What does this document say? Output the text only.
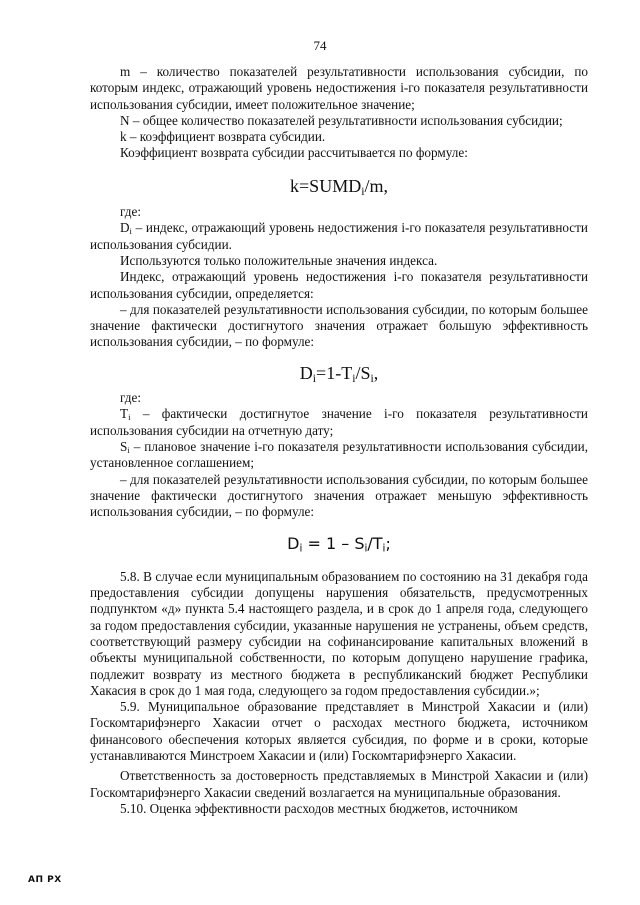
74

m – количество показателей результативности использования субсидии, по которым индекс, отражающий уровень недостижения i-го показателя результативности использования субсидии, имеет положительное значение;

N – общее количество показателей результативности использования субсидии;

k – коэффициент возврата субсидии.

Коэффициент возврата субсидии рассчитывается по формуле:

$k=SUMD_i/m$,

где:

$D_i$ – индекс, отражающий уровень недостижения i-го показателя результативности использования субсидии.

Используются только положительные значения индекса.

Индекс, отражающий уровень недостижения i-го показателя результативности использования субсидии, определяется:

– для показателей результативности использования субсидии, по которым большее значение фактически достигнутого значения отражает большую эффективность использования субсидии, – по формуле:

$D_i=1-T_i/S_i$,

где:

$T_i$ – фактически достигнутое значение i-го показателя результативности использования субсидии на отчетную дату;

$S_i$ – плановое значение i-го показателя результативности использования субсидии, установленное соглашением;

– для показателей результативности использования субсидии, по которым большее значение фактически достигнутого значения отражает меньшую эффективность использования субсидии, – по формуле:

$D_i = 1 - S_i/T_i$;

5.8. В случае если муниципальным образованием по состоянию на 31 декабря года предоставления субсидии допущены нарушения обязательств, предусмотренных подпунктом «д» пункта 5.4 настоящего раздела, и в срок до 1 апреля года, следующего за годом предоставления субсидии, указанные нарушения не устранены, объем средств, соответствующий размеру субсидии на софинансирование капитальных вложений в объекты муниципальной собственности, по которым допущено нарушение графика, подлежит возврату из местного бюджета в республиканский бюджет Республики Хакасия в срок до 1 мая года, следующего за годом предоставления субсидии.»;

5.9. Муниципальное образование представляет в Минстрой Хакасии и (или) Госкомтарифэнерго Хакасии отчет о расходах местного бюджета, источником финансового обеспечения которых является субсидия, по форме и в сроки, которые устанавливаются Минстроем Хакасии и (или) Госкомтарифэнерго Хакасии.

Ответственность за достоверность представляемых в Минстрой Хакасии и (или) Госкомтарифэнерго Хакасии сведений возлагается на муниципальные образования.

5.10. Оценка эффективности расходов местных бюджетов, источником

АП РХ
